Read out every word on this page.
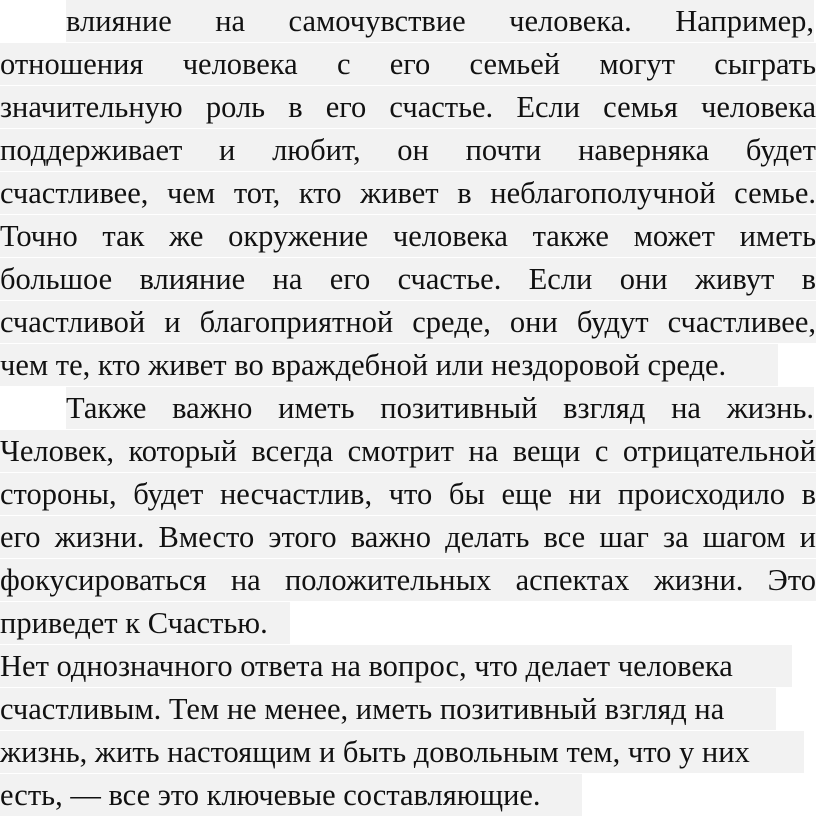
влияние на самочувствие человека. Например,
отношения человека с его семьей могут сыграть
значительную роль в его счастье. Если семья человека
поддерживает и любит, он почти наверняка будет
счастливее, чем тот, кто живет в неблагополучной семье.
Точно так же окружение человека также может иметь
большое влияние на его счастье. Если они живут в
счастливой и благоприятной среде, они будут счастливее,
чем те, кто живет во враждебной или нездоровой среде.
Также важно иметь позитивный взгляд на жизнь.
Человек, который всегда смотрит на вещи с отрицательной
стороны, будет несчастлив, что бы еще ни происходило в
его жизни. Вместо этого важно делать все шаг за шагом и
фокусироваться на положительных аспектах жизни. Это
приведет к Счастью.
Нет однозначного ответа на вопрос, что делает человека
счастливым. Тем не менее, иметь позитивный взгляд на
жизнь, жить настоящим и быть довольным тем, что у них
есть, — все это ключевые составляющие.
